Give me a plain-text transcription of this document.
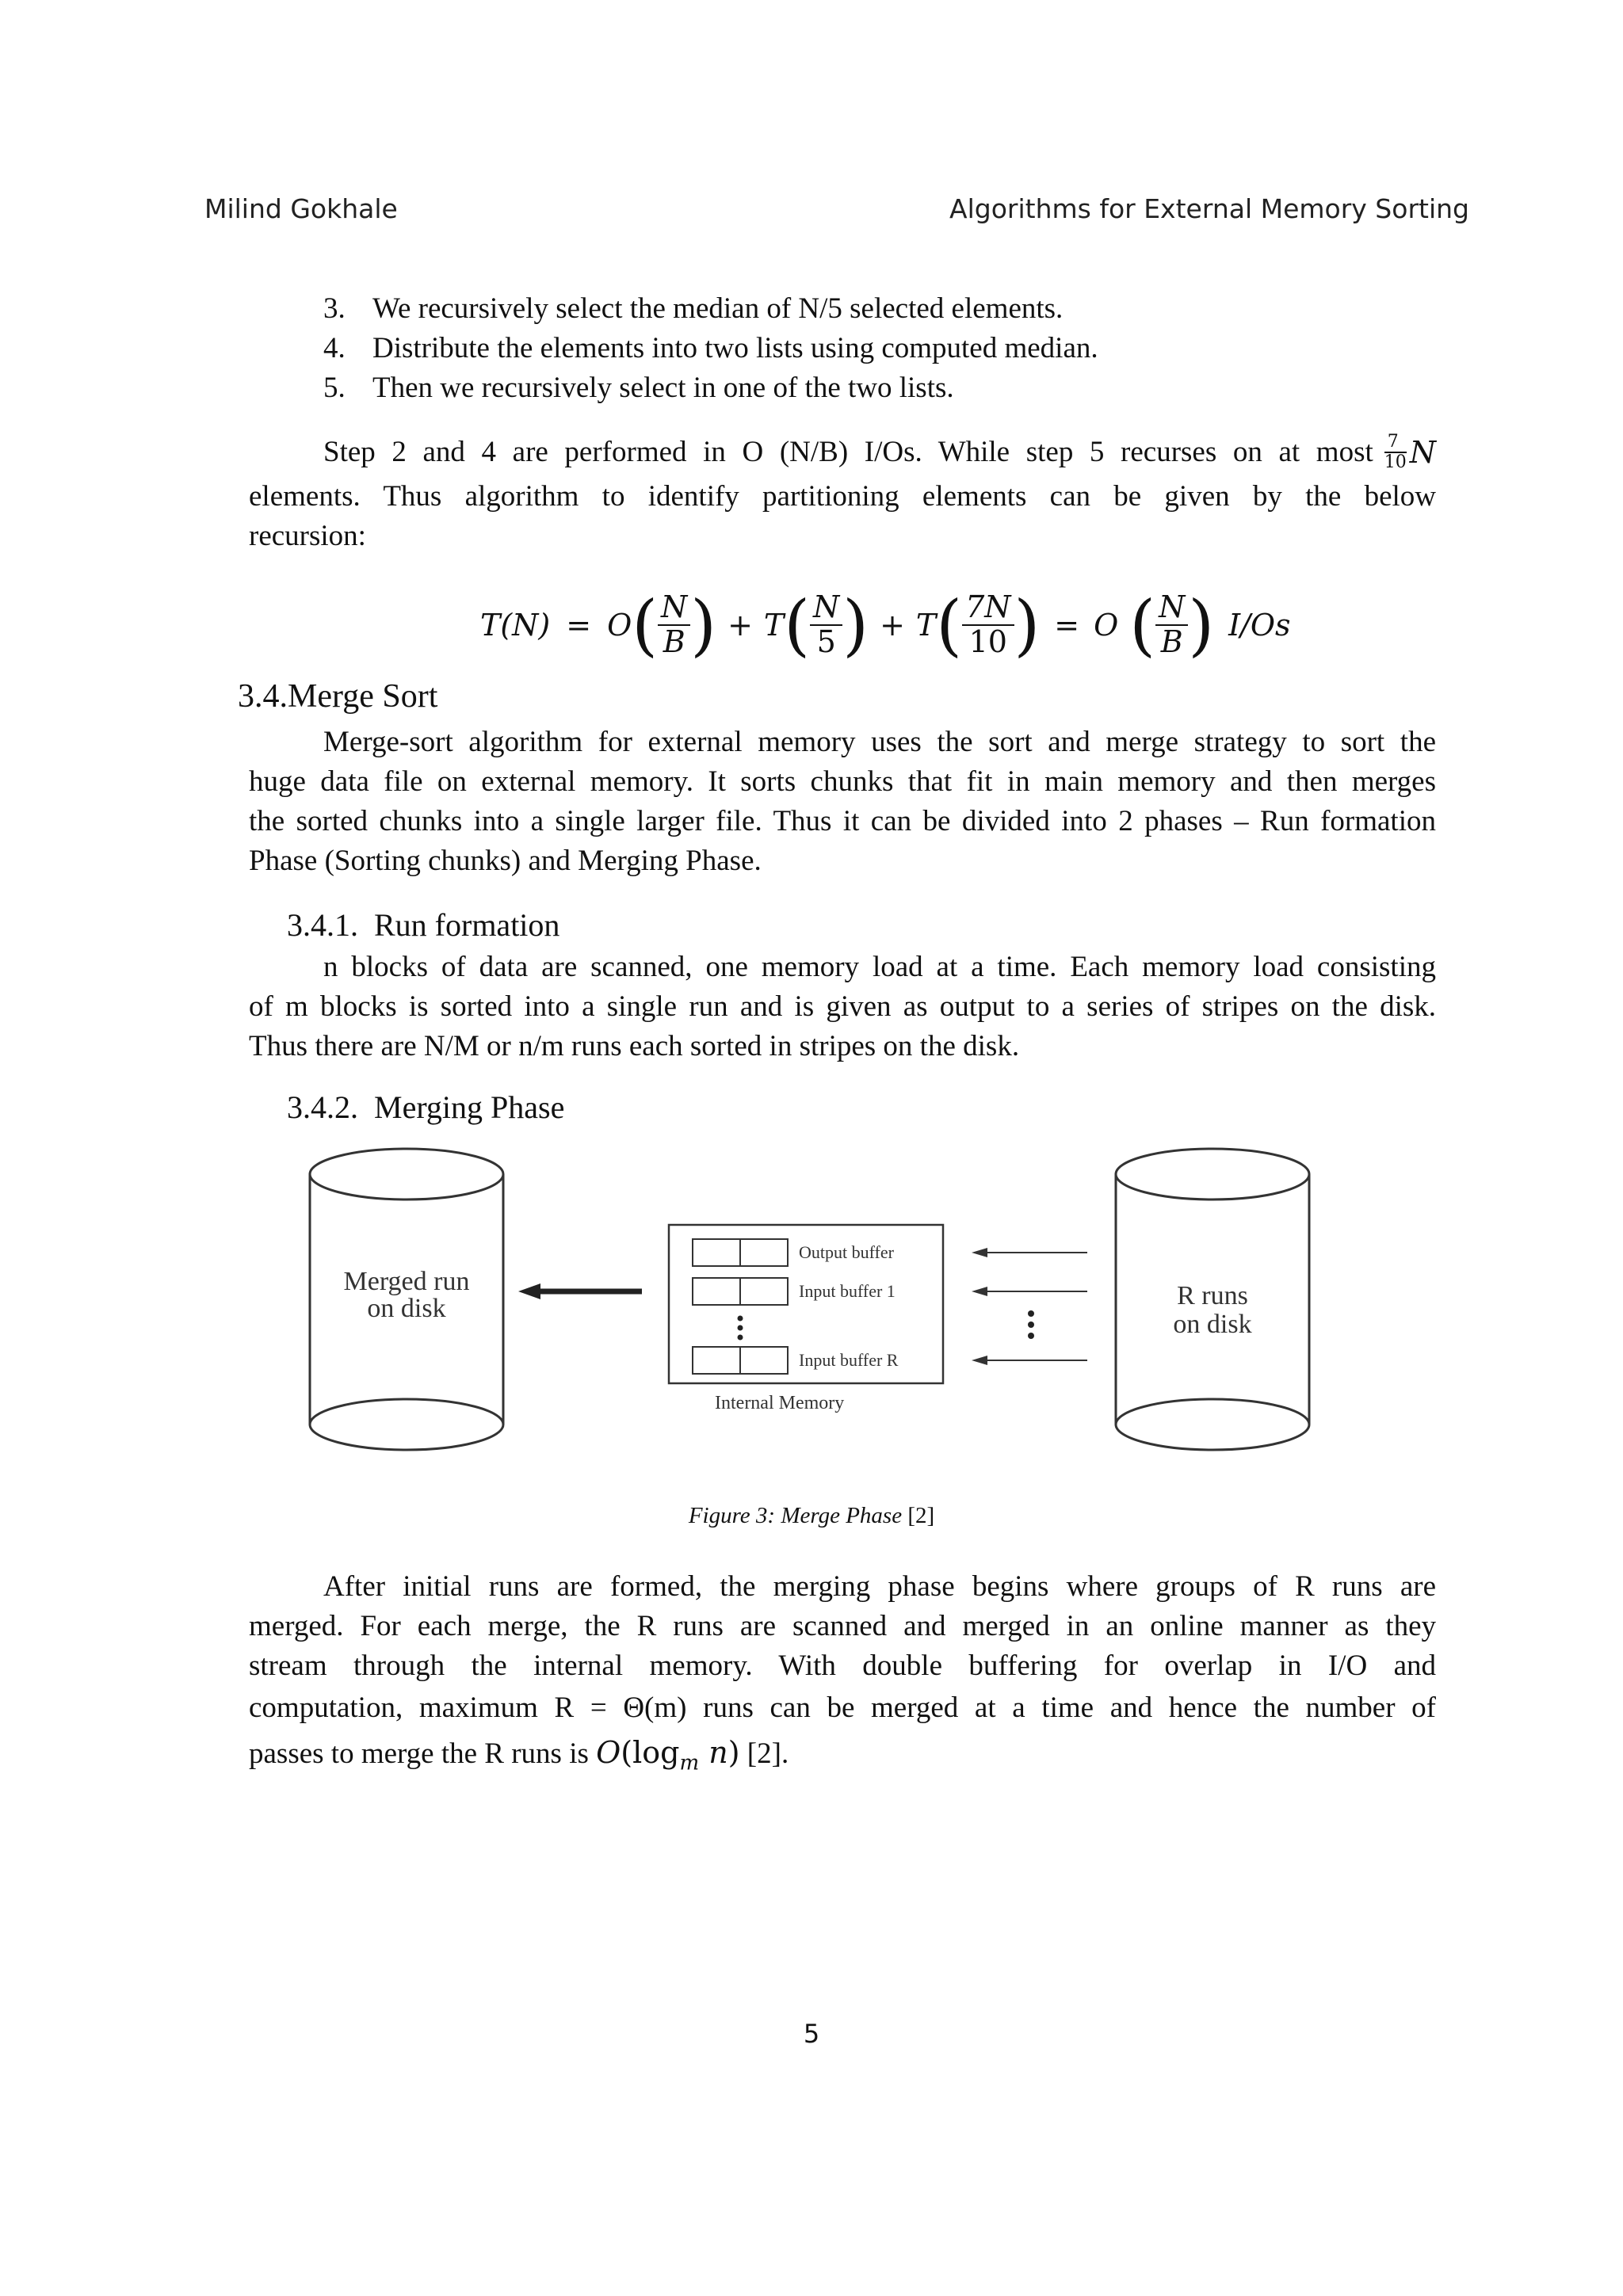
Milind Gokhale	Algorithms for External Memory Sorting
3. We recursively select the median of N/5 selected elements.
4. Distribute the elements into two lists using computed median.
5. Then we recursively select in one of the two lists.
Step 2 and 4 are performed in O (N/B) I/Os. While step 5 recurses on at most $\frac{7}{10}$ N
elements. Thus algorithm to identify partitioning elements can be given by the below
recursion:
T(N) = O ( $\frac{N}{B}$ ) + T ( $\frac{N}{5}$ ) + T ( $\frac{7N}{10}$ ) = O ( $\frac{N}{B}$ ) I/Os
3.4.Merge Sort
Merge-sort algorithm for external memory uses the sort and merge strategy to sort the
huge data file on external memory. It sorts chunks that fit in main memory and then merges
the sorted chunks into a single larger file. Thus it can be divided into 2 phases – Run formation
Phase (Sorting chunks) and Merging Phase.
3.4.1.  Run formation
n blocks of data are scanned, one memory load at a time. Each memory load consisting
of m blocks is sorted into a single run and is given as output to a series of stripes on the disk.
Thus there are N/M or n/m runs each sorted in stripes on the disk.
3.4.2.  Merging Phase
Merged run
on disk	R runs
on disk
Output buffer
Input buffer 1
Input buffer R
Internal Memory
Figure 3: Merge Phase [2]
After initial runs are formed, the merging phase begins where groups of R runs are
merged. For each merge, the R runs are scanned and merged in an online manner as they
stream through the internal memory. With double buffering for overlap in I/O and
computation, maximum R = Θ(m) runs can be merged at a time and hence the number of
passes to merge the R runs is $O(\log_m$ n) [2].
5
